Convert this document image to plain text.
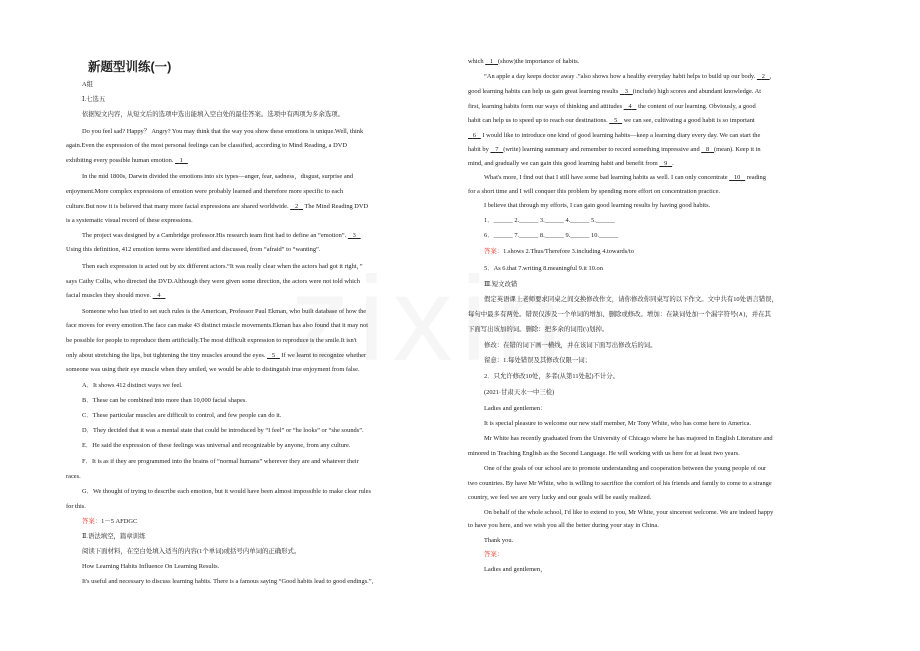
新题型训练(一)
A组
Ⅰ.七选五
依据短文内容，从短文后的选项中选出能填入空白处的最佳答案。选项中有两项为多余选项。
Do you feel sad? Happy？ Angry? You may think that the way you show these emotions is unique.Well, think
again.Even the expression of the most personal feelings can be classified, according to Mind Reading, a DVD
exhibiting every possible human emotion. 1
In the mid 1800s, Darwin divided the emotions into six types—anger, fear, sadness，disgust, surprise and
enjoyment.More complex expressions of emotion were probably learned and therefore more specific to each
culture.But now it is believed that many more facial expressions are shared worldwide. 2 The Mind Reading DVD
is a systematic visual record of these expressions.
The project was designed by a Cambridge professor.His research team first had to define an “emotion”. 3
Using this definition, 412 emotion terms were identified and discussed, from “afraid” to “wanting”.
Then each expression is acted out by six different actors.“It was really clear when the actors had got it right，”
says Cathy Collis, who directed the DVD.Although they were given some direction, the actors were not told which
facial muscles they should move. 4
Someone who has tried to set such rules is the American, Professor Paul Ekman, who built database of how the
face moves for every emotion.The face can make 43 distinct muscle movements.Ekman has also found that it may not
be possible for people to reproduce them artificially.The most difficult expression to reproduce is the smile.It isn't
only about stretching the lips, but tightening the tiny muscles around the eyes. 5 If we learnt to recognize whether
someone was using their eye muscle when they smiled, we would be able to distinguish true enjoyment from false.
A．It shows 412 distinct ways we feel.
B．These can be combined into more than 10,000 facial shapes.
C．These particular muscles are difficult to control, and few people can do it.
D．They decided that it was a mental state that could be introduced by “I feel” or “he looks” or “she sounds”.
E．He said the expression of these feelings was universal and recognizable by anyone, from any culture.
F．It is as if they are programmed into the brains of “normal humans” wherever they are and whatever their
races.
G．We thought of trying to describe each emotion, but it would have been almost impossible to make clear rules
for this.
答案：1－5 AFDGC
Ⅱ.语法填空，篇章训练
阅读下面材料，在空白处填入适当的内容(1个单词)或括号内单词的正确形式。
How Learning Habits Influence On Learning Results.
It's useful and necessary to discuss learning habits. There is a famous saying “Good habits lead to good endings.”,
which 1 (show)the importance of habits.
“An apple a day keeps doctor away .”also shows how a healthy everyday habit helps to build up our body. 2 ,
good learning habits can help us gain great learning results 3 (include) high scores and abundant knowledge. At
first, learning habits form our ways of thinking and attitudes 4 the content of our learning. Obviously, a good
habit can help us to speed up to reach our destinations. 5 we can see, cultivating a good habit is so important
6 I would like to introduce one kind of good learning habits—keep a learning diary every day. We can start the
habit by 7 (write) learning summary and remember to record something impressive and 8 (mean). Keep it in
mind, and gradually we can gain this good learning habit and benefit from 9 .
What's more, I find out that I still have some bad learning habits as well. I can only concentrate 10 reading
for a short time and I will conquer this problem by spending more effort on concentration practice.
I believe that through my efforts, I can gain good learning results by having good habits.
1．______ 2.______ 3.______ 4.______ 5.______
6．______ 7.______ 8.______ 9.______ 10.______
答案：1.shows 2.Thus/Therefore 3.including 4.towards/to
5．As 6.that 7.writing 8.meaningful 9.it 10.on
Ⅲ.短文改错
假定英语课上老师要求同桌之间交换修改作文，请你修改你同桌写的以下作文。文中共有10处语言错误，
每句中最多有两处。错误仅涉及一个单词的增加、删除或修改。增加：在缺词处加一个漏字符号(∧)，并在其
下面写出该加的词。删除：把多余的词用(\)划掉。
修改：在错的词下画一横线，并在该词下面写出修改后的词。
留意：1.每处错误及其修改仅限一词；
2．只允许修改10处，多者(从第11处起)不计分。
(2021·甘肃天水一中三检)
Ladies and gentlemen：
It is special pleasure to welcome our new staff member, Mr Tony White, who has come here to America.
Mr White has recently graduated from the University of Chicago where he has majored in English Literature and
minored in Teaching English as the Second Language. He will working with us here for at least two years.
One of the goals of our school are to promote understanding and cooperation between the young people of our
two countries. By have Mr White, who is willing to sacrifice the comfort of his friends and family to come to a strange
country, we feel we are very lucky and our goals will be easily realized.
On behalf of the whole school, I'd like to extend to you, Mr White, your sincerest welcome. We are indeed happy
to have you here, and we wish you all the better during your stay in China.
Thank you.
答案：
Ladies and gentlemen，
